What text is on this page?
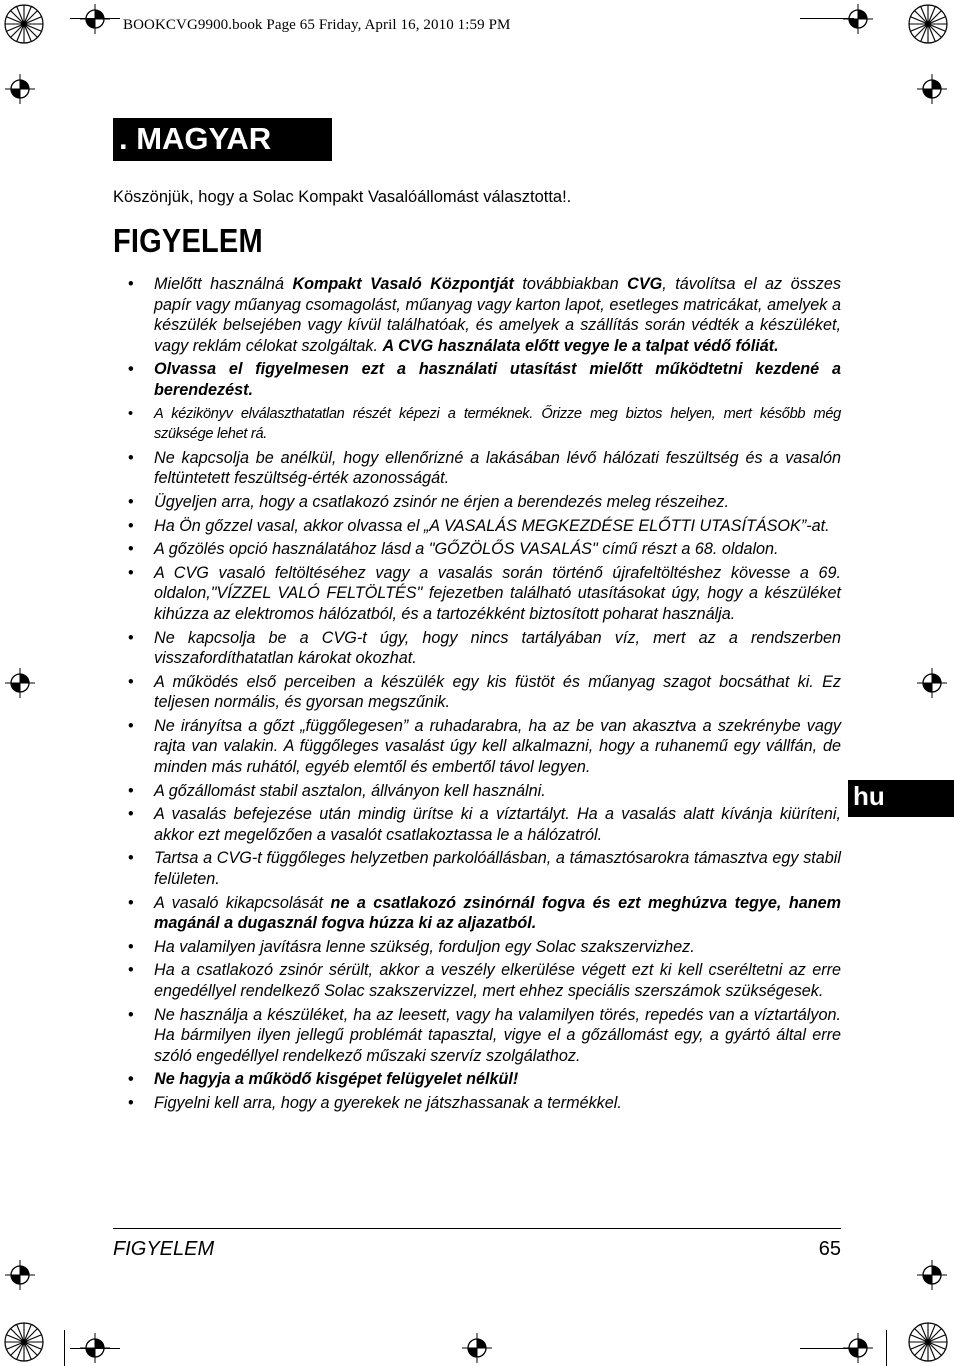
BOOKCVG9900.book Page 65 Friday, April 16, 2010 1:59 PM
. MAGYAR
Köszönjük, hogy a Solac Kompakt Vasalóállomást választotta!.
FIGYELEM
hu
• Mielőtt használná Kompakt Vasaló Központját továbbiakban CVG, távolítsa el az összes papír vagy műanyag csomagolást, műanyag vagy karton lapot, esetleges matricákat, amelyek a készülék belsejében vagy kívül találhatóak, és amelyek a szállítás során védték a készüléket, vagy reklám célokat szolgáltak. A CVG használata előtt vegye le a talpat védő fóliát.
• Olvassa el figyelmesen ezt a használati utasítást mielőtt működtetni kezdené a berendezést.
• A kézikönyv elválaszthatatlan részét képezi a terméknek. Őrizze meg biztos helyen, mert később még szüksége lehet rá.
• Ne kapcsolja be anélkül, hogy ellenőrizné a lakásában lévő hálózati feszültség és a vasalón feltüntetett feszültség-érték azonosságát.
• Ügyeljen arra, hogy a csatlakozó zsinór ne érjen a berendezés meleg részeihez.
• Ha Ön gőzzel vasal, akkor olvassa el „A VASALÁS MEGKEZDÉSE ELŐTTI UTASÍTÁSOK”-at.
• A gőzölés opció használatához lásd a "GŐZÖLŐS VASALÁS" című részt a 68. oldalon.
• A CVG vasaló feltöltéséhez vagy a vasalás során történő újrafeltöltéshez kövesse a 69. oldalon,"VÍZZEL VALÓ FELTÖLTÉS" fejezetben található utasításokat úgy, hogy a készüléket kihúzza az elektromos hálózatból, és a tartozékként biztosított poharat használja.
• Ne kapcsolja be a CVG-t úgy, hogy nincs tartályában víz, mert az a rendszerben visszafordíthatatlan károkat okozhat.
• A működés első perceiben a készülék egy kis füstöt és műanyag szagot bocsáthat ki. Ez teljesen normális, és gyorsan megszűnik.
• Ne irányítsa a gőzt „függőlegesen” a ruhadarabra, ha az be van akasztva a szekrénybe vagy rajta van valakin. A függőleges vasalást úgy kell alkalmazni, hogy a ruhanemű egy vállfán, de minden más ruhától, egyéb elemtől és embertől távol legyen.
• A gőzállomást stabil asztalon, állványon kell használni.
• A vasalás befejezése után mindig ürítse ki a víztartályt. Ha a vasalás alatt kívánja kiüríteni, akkor ezt megelőzően a vasalót csatlakoztassa le a hálózatról.
• Tartsa a CVG-t függőleges helyzetben parkolóállásban, a támasztósarokra támasztva egy stabil felületen.
• A vasaló kikapcsolását ne a csatlakozó zsinórnál fogva és ezt meghúzva tegye, hanem magánál a dugasznál fogva húzza ki az aljazatból.
• Ha valamilyen javításra lenne szükség, forduljon egy Solac szakszervizhez.
• Ha a csatlakozó zsinór sérült, akkor a veszély elkerülése végett ezt ki kell cseréltetni az erre engedéllyel rendelkező Solac szakszervizzel, mert ehhez speciális szerszámok szükségesek.
• Ne használja a készüléket, ha az leesett, vagy ha valamilyen törés, repedés van a víztartályon. Ha bármilyen ilyen jellegű problémát tapasztal, vigye el a gőzállomást egy, a gyártó által erre szóló engedéllyel rendelkező műszaki szervíz szolgálathoz.
• Ne hagyja a működő kisgépet felügyelet nélkül!
• Figyelni kell arra, hogy a gyerekek ne játszhassanak a termékkel.
FIGYELEM	65
